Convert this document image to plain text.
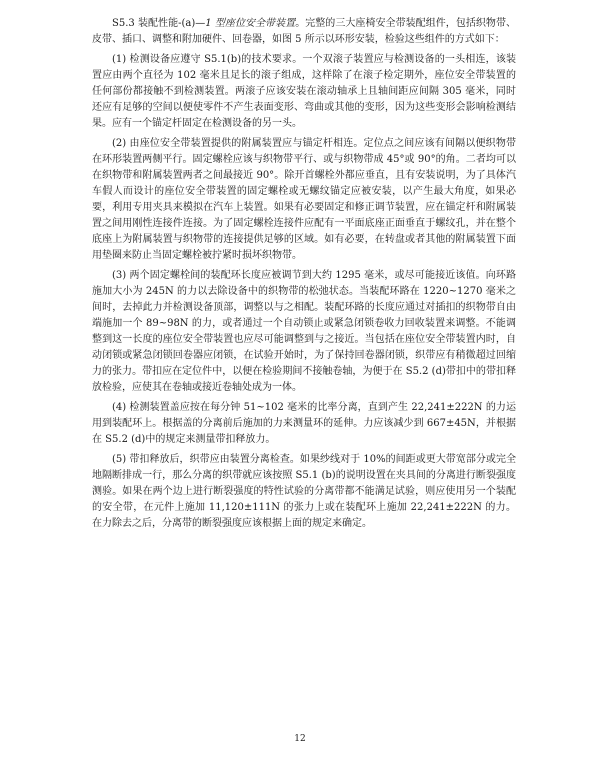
S5.3 装配性能-(a)—1 型座位安全带装置。完整的三大座椅安全带装配组件，包括织物带、皮带、插口、调整和附加硬件、回卷器，如图 5 所示以环形安装，检验这些组件的方式如下：

(1) 检测设备应遵守 S5.1(b)的技术要求。一个双滚子装置应与检测设备的一头相连，该装置应由两个直径为 102 毫米且足长的滚子组成，这样除了在滚子检定期外，座位安全带装置的任何部份都接触不到检测装置。两滚子应该安装在滚动轴承上且轴间距应间隔 305 毫米，同时还应有足够的空间以便使零件不产生表面变形、弯曲或其他的变形，因为这些变形会影响检测结果。应有一个锚定杆固定在检测设备的另一头。

(2) 由座位安全带装置提供的附属装置应与锚定杆相连。定位点之间应该有间隔以便织物带在环形装置两侧平行。固定螺栓应该与织物带平行、或与织物带成 45°或 90°的角。二者均可以在织物带和附属装置两者之间最接近 90°。除开首螺栓外都应垂直，且有安装说明，为了具体汽车假人而设计的座位安全带装置的固定螺栓或无螺纹锚定应被安装，以产生最大角度，如果必要，利用专用夹具来模拟在汽车上装置。如果有必要固定和修正调节装置，应在锚定杆和附属装置之间用刚性连接件连接。为了固定螺栓连接件应配有一平面底座正面垂直于螺纹孔，并在整个底座上为附属装置与织物带的连接提供足够的区域。如有必要，在转盘或者其他的附属装置下面用垫圈来防止当固定螺栓被拧紧时损坏织物带。

(3) 两个固定螺栓间的装配环长度应被调节到大约 1295 毫米，或尽可能接近该值。向环路施加大小为 245N 的力以去除设备中的织物带的松弛状态。当装配环路在 1220~1270 毫米之间时，去掉此力并检测设备顶部，调整以与之相配。装配环路的长度应通过对插扣的织物带自由端施加一个 89~98N 的力，或者通过一个自动锁止或紧急闭锁卷收力回收装置来调整。不能调整到这一长度的座位安全带装置也应尽可能调整到与之接近。当包括在座位安全带装置内时，自动闭锁或紧急闭锁回卷器应闭锁，在试验开始时，为了保持回卷器闭锁，织带应有稍微超过回缩力的张力。带扣应在定位件中，以便在检验期间不接触卷轴，为便于在 S5.2 (d)带扣中的带扣释放检验，应使其在卷轴或接近卷轴处成为一体。

(4) 检测装置盖应按在每分钟 51~102 毫米的比率分离，直到产生 22,241±222N 的力运用到装配环上。根据盖的分离前后施加的力来测量环的延伸。力应该减少到 667±45N，并根据在 S5.2 (d)中的规定来测量带扣释放力。

(5) 带扣释放后，织带应由装置分离检查。如果纱线对于 10%的间距或更大带宽部分或完全地隔断排成一行，那么分离的织带就应该按照 S5.1 (b)的说明设置在夹具间的分离进行断裂强度测验。如果在两个边上进行断裂强度的特性试验的分离带都不能满足试验，则应使用另一个装配的安全带，在元件上施加 11,120±111N 的张力上或在装配环上施加 22,241±222N 的力。在力除去之后，分离带的断裂强度应该根据上面的规定来确定。

12
